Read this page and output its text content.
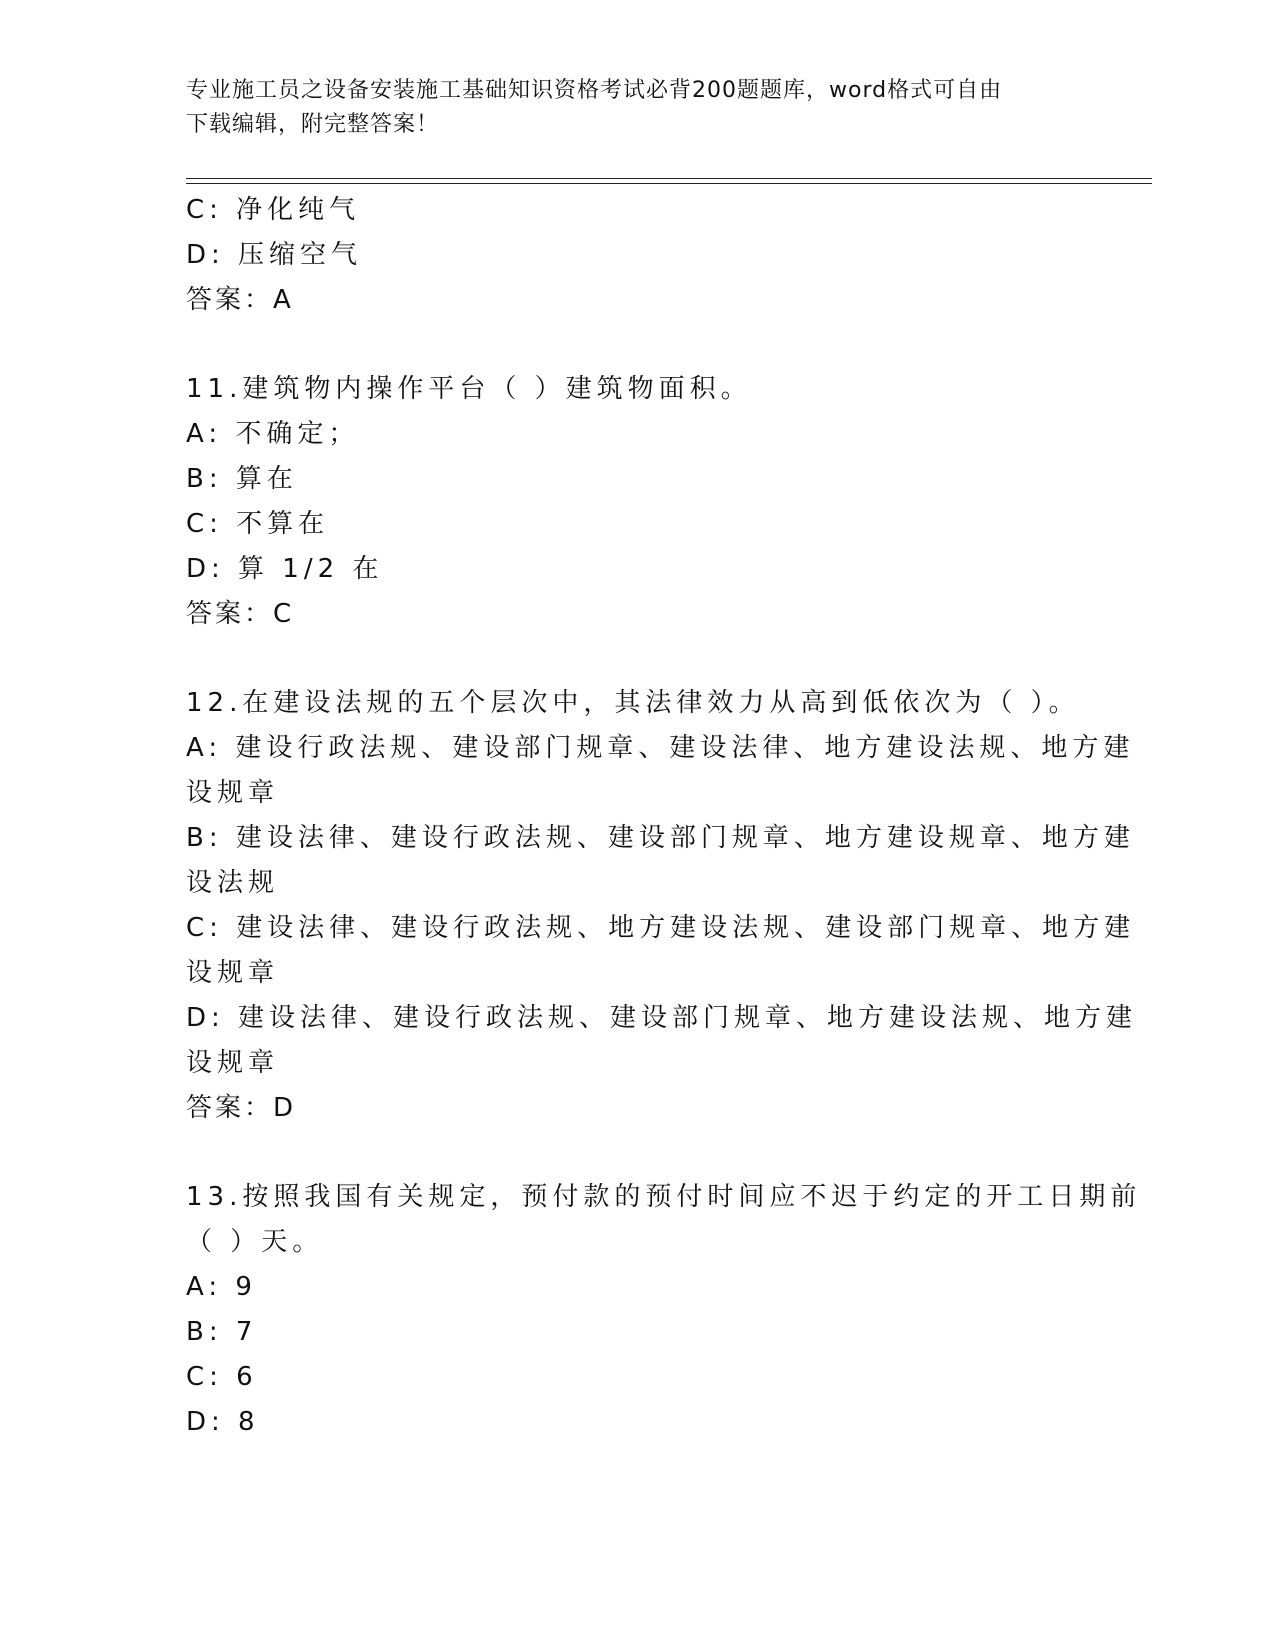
专业施工员之设备安装施工基础知识资格考试必背200题题库，word格式可自由
下载编辑，附完整答案！
C: 净化纯气
D: 压缩空气
答案：A
11.建筑物内操作平台（ ）建筑物面积。
A: 不确定；
B: 算在
C: 不算在
D: 算 1/2 在
答案：C
12.在建设法规的五个层次中，其法律效力从高到低依次为（ ）。
A: 建设行政法规、建设部门规章、建设法律、地方建设法规、地方建
设规章
B: 建设法律、建设行政法规、建设部门规章、地方建设规章、地方建
设法规
C: 建设法律、建设行政法规、地方建设法规、建设部门规章、地方建
设规章
D: 建设法律、建设行政法规、建设部门规章、地方建设法规、地方建
设规章
答案：D
13.按照我国有关规定，预付款的预付时间应不迟于约定的开工日期前
（ ）天。
A: 9
B: 7
C: 6
D: 8
